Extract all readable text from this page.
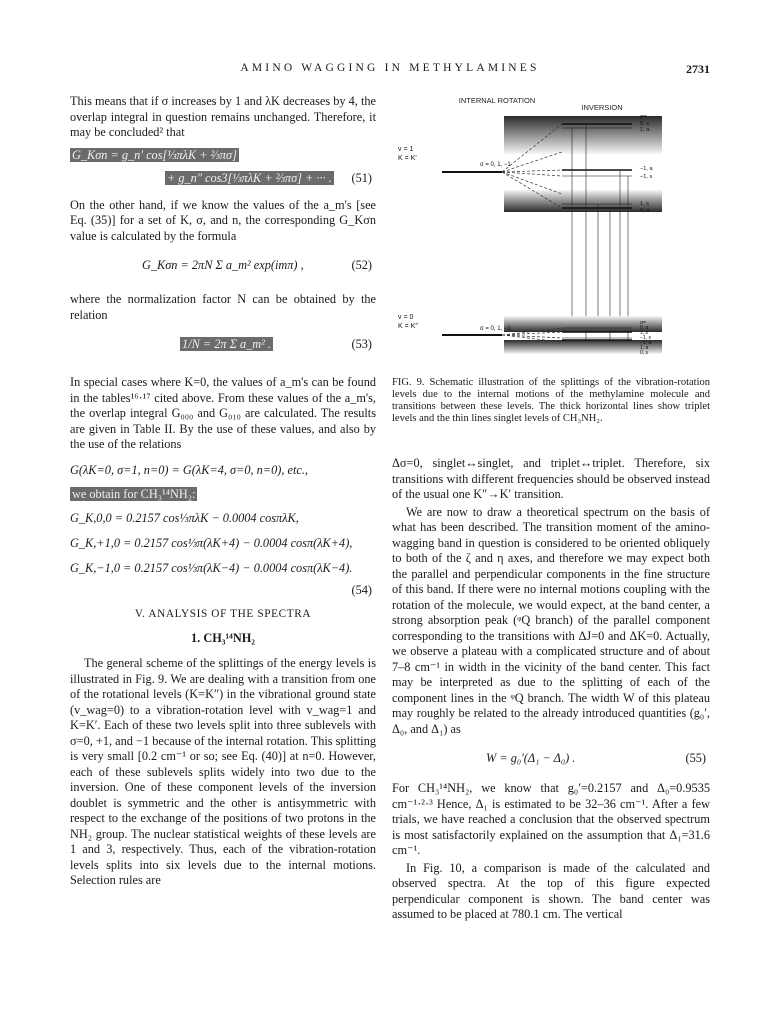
AMINO WAGGING IN METHYLAMINES	2731

This means that if σ increases by 1 and λK decreases by 4, the overlap integral in question remains unchanged. Therefore, it may be concluded² that

G_Kσn = g_n′ cos[⅓πλK + ⅔πσ]
+ g_n″ cos3[⅓πλK + ⅔πσ] + ··· . (51)

On the other hand, if we know the values of the a_m's [see Eq. (35)] for a set of K, σ, and n, the corresponding G_Kσn value is calculated by the formula

G_Kσn = 2πN Σ a_m² exp(imπ) ,	(52)

where the normalization factor N can be obtained by the relation

1/N = 2π Σ a_m² .	(53)

In special cases where K=0, the values of a_m's can be found in the tables¹⁶·¹⁷ cited above. From these values of the a_m's, the overlap integral G₀₀₀ and G₀₁₀ are calculated. The results are given in Table II. By the use of these values, and also by the use of the relations

G(λK=0, σ=1, n=0) = G(λK=4, σ=0, n=0), etc.,

we obtain for CH₃¹⁴NH₂:

G_K,0,0 = 0.2157 cos⅓πλK − 0.0004 cosπλK,
G_K,+1,0 = 0.2157 cos⅓π(λK+4) − 0.0004 cosπ(λK+4),
G_K,−1,0 = 0.2157 cos⅓π(λK−4) − 0.0004 cosπ(λK−4).
(54)

V. ANALYSIS OF THE SPECTRA

1. CH₃¹⁴NH₂

The general scheme of the splittings of the energy levels is illustrated in Fig. 9. We are dealing with a transition from one of the rotational levels (K=K″) in the vibrational ground state (v_wag=0) to a vibration-rotation level with v_wag=1 and K=K′. Each of these two levels split into three sublevels with σ=0, +1, and −1 because of the internal rotation. This splitting is very small [0.2 cm⁻¹ or so; see Eq. (40)] at n=0. However, each of these sublevels splits widely into two due to the inversion. One of these component levels of the inversion doublet is symmetric and the other is antisymmetric with respect to the exchange of the positions of two protons in the NH₂ group. The nuclear statistical weights of these levels are 1 and 3, respectively. Thus, each of the vibration-rotation levels splits into six levels due to the internal motions. Selection rules are

INTERNAL ROTATION
INVERSION
v = 1
K = K′
σ = 0, 1, −1
σ=
0, s
1, a
−1, a
−1, s
1, s
0, a
v = 0
K = K″	σ = 0, 1, −1
σ=
0, a
1, s
−1, s
−1, a
1, a
0, s

FIG. 9. Schematic illustration of the splittings of the vibration-rotation levels due to the internal motions of the methylamine molecule and transitions between these levels. The thick horizontal lines show triplet levels and the thin lines singlet levels of CH₃NH₂.

Δσ=0, singlet↔singlet, and triplet↔triplet. Therefore, six transitions with different frequencies should be observed instead of the usual one K″→K′ transition.

We are now to draw a theoretical spectrum on the basis of what has been described. The transition moment of the amino-wagging band in question is considered to be oriented obliquely to both of the ζ and η axes, and therefore we may expect both the parallel and perpendicular components in the fine structure of this band. If there were no internal motions coupling with the rotation of the molecule, we would expect, at the band center, a strong absorption peak (ᵠQ branch) of the parallel component corresponding to the transitions with ΔJ=0 and ΔK=0. Actually, we observe a plateau with a complicated structure and of about 7–8 cm⁻¹ in width in the vicinity of the band center. This fact may be interpreted as due to the splitting of each of the component lines in the ᵠQ branch. The width W of this plateau may roughly be related to the already introduced quantities (g₀′, Δ₀, and Δ₁) as

W = g₀′(Δ₁ − Δ₀) .	(55)

For CH₃¹⁴NH₂, we know that g₀′=0.2157 and Δ₀=0.9535 cm⁻¹·²·³ Hence, Δ₁ is estimated to be 32–36 cm⁻¹. After a few trials, we have reached a conclusion that the observed spectrum is most satisfactorily explained on the assumption that Δ₁=31.6 cm⁻¹.

In Fig. 10, a comparison is made of the calculated and observed spectra. At the top of this figure expected perpendicular component is shown. The band center was assumed to be placed at 780.1 cm. The vertical
